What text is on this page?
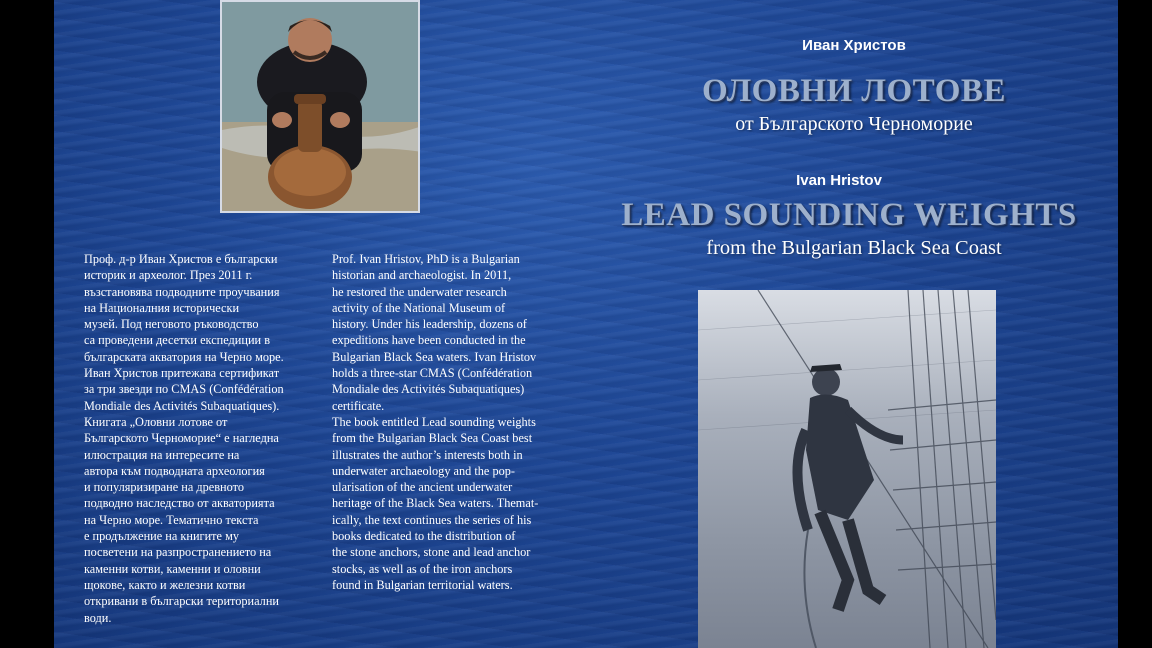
Проф. д-р Иван Христов е български
историк и археолог. През 2011 г.
възстановява подводните проучвания
на Националния исторически
музей. Под неговото ръководство
са проведени десетки експедиции в
българската акватория на Черно море.
Иван Христов притежава сертификат
за три звезди по CMAS (Confédération
Mondiale des Activités Subaquatiques).
Книгата „Оловни лотове от
Българското Черноморие“ е нагледна
илюстрация на интересите на
автора към подводната археология
и популяризиране на древното
подводно наследство от акваторията
на Черно море. Тематично текста
е продължение на книгите му
посветени на разпространението на
каменни котви, каменни и оловни
щокове, както и железни котви
откривани в български териториални
води.
Prof. Ivan Hristov, PhD is a Bulgarian
historian and archaeologist. In 2011,
he restored the underwater research
activity of the National Museum of
history. Under his leadership, dozens of
expeditions have been conducted in the
Bulgarian Black Sea waters. Ivan Hristov
holds a three-star CMAS (Confédération
Mondiale des Activités Subaquatiques)
certificate.
The book entitled Lead sounding weights
from the Bulgarian Black Sea Coast best
illustrates the author’s interests both in
underwater archaeology and the pop-
ularisation of the ancient underwater
heritage of the Black Sea waters. Themat-
ically, the text continues the series of his
books dedicated to the distribution of
the stone anchors, stone and lead anchor
stocks, as well as of the iron anchors
found in Bulgarian territorial waters.
Иван Христов
ОЛОВНИ ЛОТОВЕ
от Българското Черноморие
Ivan Hristov
LEAD SOUNDING WEIGHTS
from the Bulgarian Black Sea Coast
